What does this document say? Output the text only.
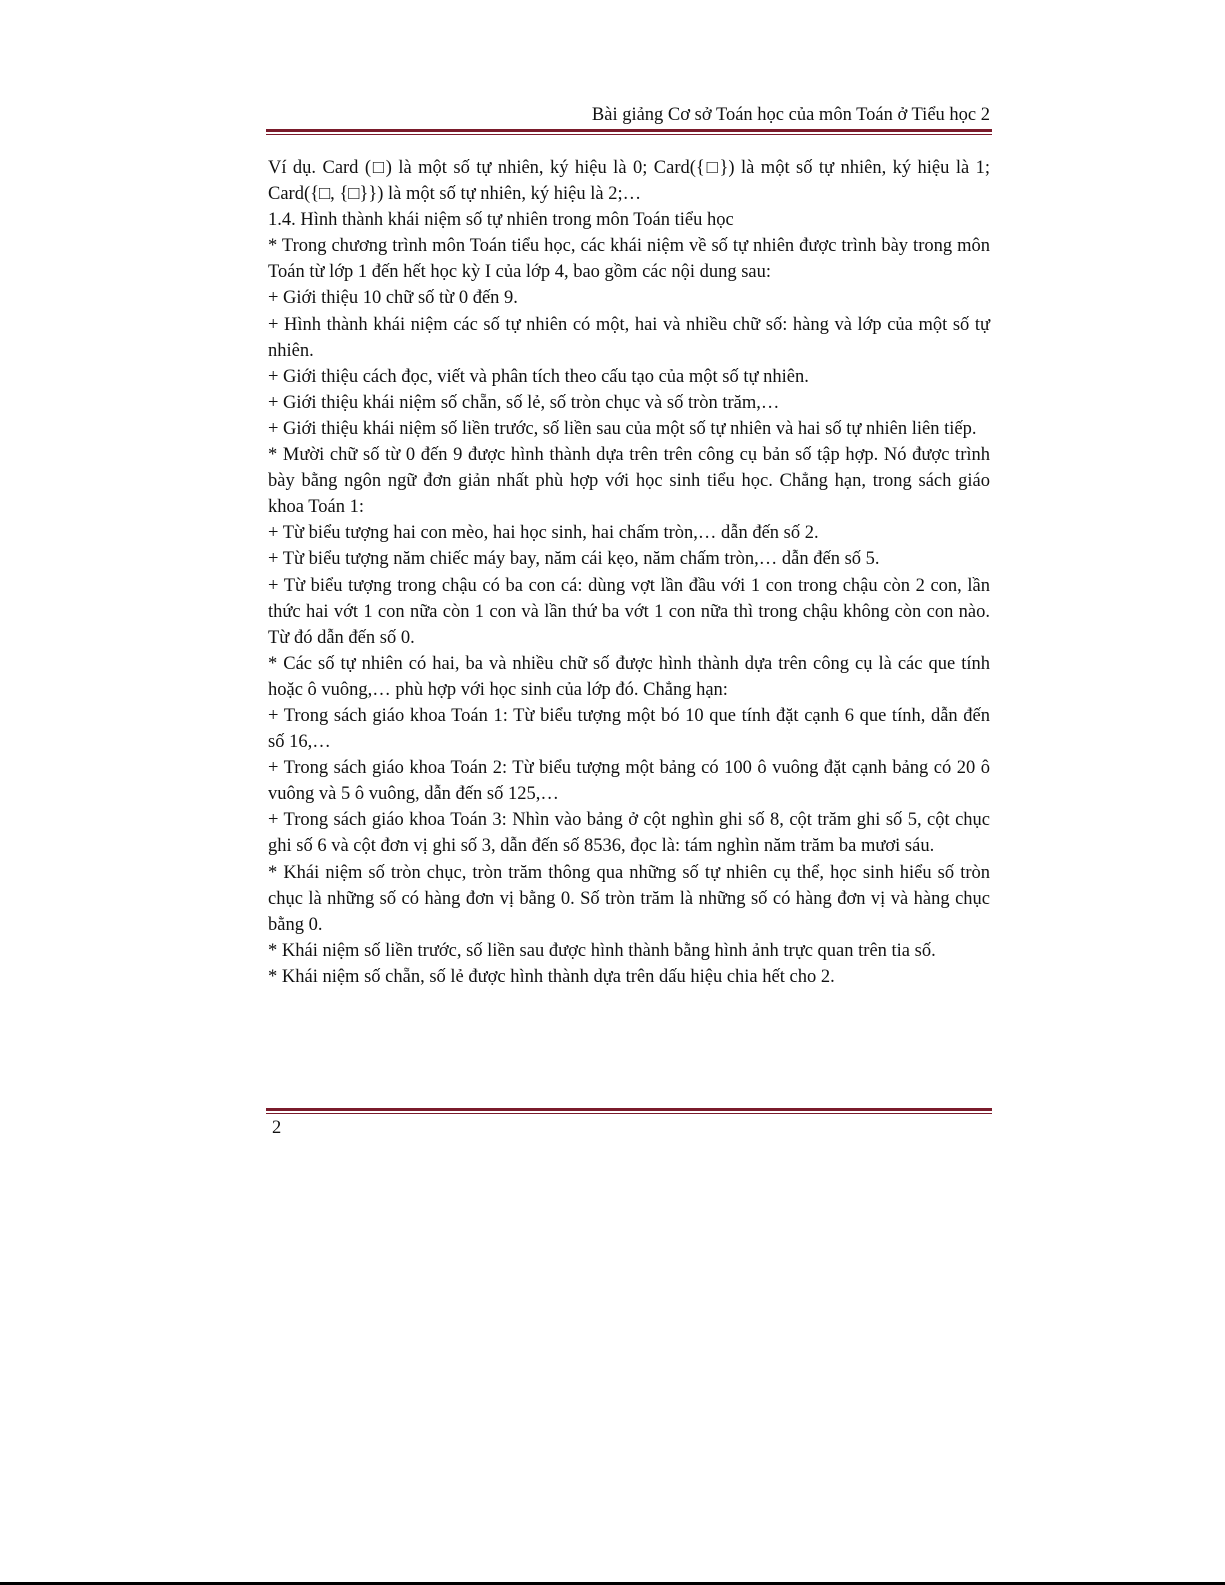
Bài giảng Cơ sở Toán học của môn Toán ở Tiểu học 2

Ví dụ. Card (□) là một số tự nhiên, ký hiệu là 0; Card({□}) là một số tự nhiên, ký hiệu là 1; Card({□, {□}}) là một số tự nhiên, ký hiệu là 2;…

1.4. Hình thành khái niệm số tự nhiên trong môn Toán tiểu học

* Trong chương trình môn Toán tiểu học, các khái niệm về số tự nhiên được trình bày trong môn Toán từ lớp 1 đến hết học kỳ I của lớp 4, bao gồm các nội dung sau:

+ Giới thiệu 10 chữ số từ 0 đến 9.

+ Hình thành khái niệm các số tự nhiên có một, hai và nhiều chữ số: hàng và lớp của một số tự nhiên.

+ Giới thiệu cách đọc, viết và phân tích theo cấu tạo của một số tự nhiên.

+ Giới thiệu khái niệm số chẵn, số lẻ, số tròn chục và số tròn trăm,…

+ Giới thiệu khái niệm số liền trước, số liền sau của một số tự nhiên và hai số tự nhiên liên tiếp.

* Mười chữ số từ 0 đến 9 được hình thành dựa trên trên công cụ bản số tập hợp. Nó được trình bày bằng ngôn ngữ đơn giản nhất phù hợp với học sinh tiểu học. Chẳng hạn, trong sách giáo khoa Toán 1:

+ Từ biểu tượng hai con mèo, hai học sinh, hai chấm tròn,… dẫn đến số 2.

+ Từ biểu tượng năm chiếc máy bay, năm cái kẹo, năm chấm tròn,… dẫn đến số 5.

+ Từ biểu tượng trong chậu có ba con cá: dùng vợt lần đầu với 1 con trong chậu còn 2 con, lần thức hai vớt 1 con nữa còn 1 con và lần thứ ba vớt 1 con nữa thì trong chậu không còn con nào. Từ đó dẫn đến số 0.

* Các số tự nhiên có hai, ba và nhiều chữ số được hình thành dựa trên công cụ là các que tính hoặc ô vuông,… phù hợp với học sinh của lớp đó. Chẳng hạn:

+ Trong sách giáo khoa Toán 1: Từ biểu tượng một bó 10 que tính đặt cạnh 6 que tính, dẫn đến số 16,…

+ Trong sách giáo khoa Toán 2: Từ biểu tượng một bảng có 100 ô vuông đặt cạnh bảng có 20 ô vuông và 5 ô vuông, dẫn đến số 125,…

+ Trong sách giáo khoa Toán 3: Nhìn vào bảng ở cột nghìn ghi số 8, cột trăm ghi số 5, cột chục ghi số 6 và cột đơn vị ghi số 3, dẫn đến số 8536, đọc là: tám nghìn năm trăm ba mươi sáu.

* Khái niệm số tròn chục, tròn trăm thông qua những số tự nhiên cụ thể, học sinh hiểu số tròn chục là những số có hàng đơn vị bằng 0. Số tròn trăm là những số có hàng đơn vị và hàng chục bằng 0.

* Khái niệm số liền trước, số liền sau được hình thành bằng hình ảnh trực quan trên tia số.

* Khái niệm số chẵn, số lẻ được hình thành dựa trên dấu hiệu chia hết cho 2.

2
